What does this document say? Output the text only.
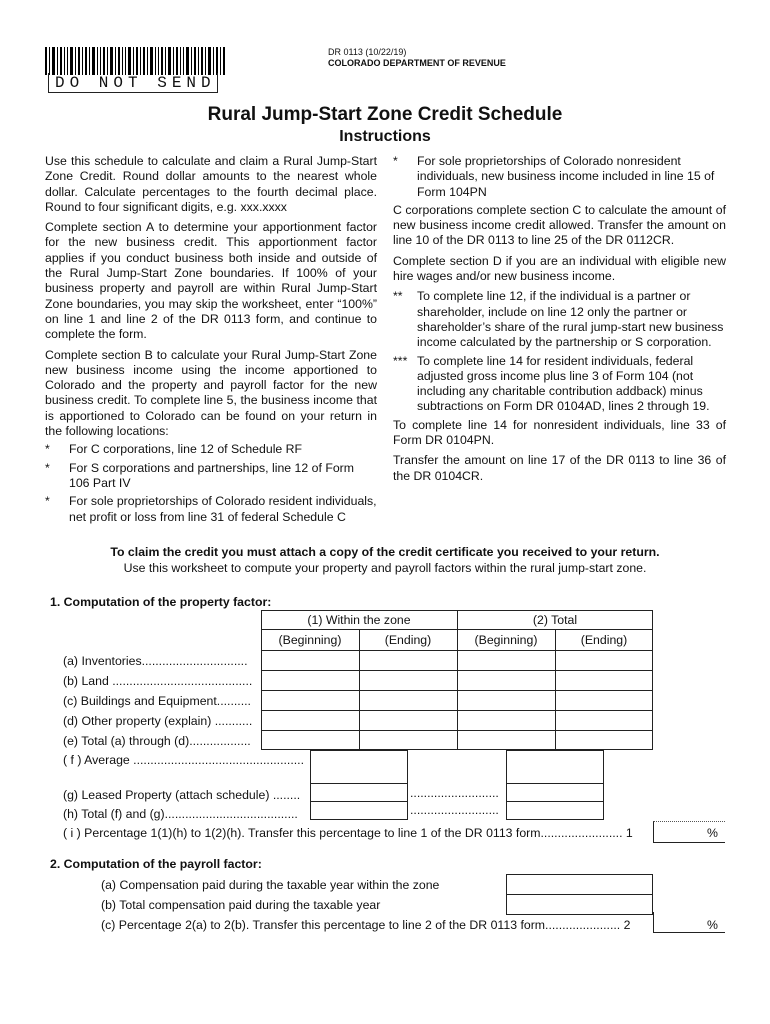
DO NOT SEND
DR 0113 (10/22/19)
COLORADO DEPARTMENT OF REVENUE
Rural Jump-Start Zone Credit Schedule
Instructions

Use this schedule to calculate and claim a Rural Jump-Start Zone Credit. Round dollar amounts to the nearest whole dollar. Calculate percentages to the fourth decimal place. Round to four significant digits, e.g. xxx.xxxx

Complete section A to determine your apportionment factor for the new business credit. This apportionment factor applies if you conduct business both inside and outside of the Rural Jump-Start Zone boundaries. If 100% of your business property and payroll are within Rural Jump-Start Zone boundaries, you may skip the worksheet, enter “100%” on line 1 and line 2 of the DR 0113 form, and continue to complete the form.

Complete section B to calculate your Rural Jump-Start Zone new business income using the income apportioned to Colorado and the property and payroll factor for the new business credit. To complete line 5, the business income that is apportioned to Colorado can be found on your return in the following locations:

*	For C corporations, line 12 of Schedule RF
*	For S corporations and partnerships, line 12 of Form 106 Part IV
*	For sole proprietorships of Colorado resident individuals, net profit or loss from line 31 of federal Schedule C
*	For sole proprietorships of Colorado nonresident individuals, new business income included in line 15 of Form 104PN

C corporations complete section C to calculate the amount of new business income credit allowed. Transfer the amount on line 10 of the DR 0113 to line 25 of the DR 0112CR.

Complete section D if you are an individual with eligible new hire wages and/or new business income.

**	To complete line 12, if the individual is a partner or shareholder, include on line 12 only the partner or shareholder’s share of the rural jump-start new business income calculated by the partnership or S corporation.
*** To complete line 14 for resident individuals, federal adjusted gross income plus line 3 of Form 104 (not including any charitable contribution addback) minus subtractions on Form DR 0104AD, lines 2 through 19.

To complete line 14 for nonresident individuals, line 33 of Form DR 0104PN.

Transfer the amount on line 17 of the DR 0113 to line 36 of the DR 0104CR.

To claim the credit you must attach a copy of the credit certificate you received to your return.
Use this worksheet to compute your property and payroll factors within the rural jump-start zone.
1. Computation of the property factor:
(1) Within the zone	(2) Total
(Beginning)	(Ending)	(Beginning)	(Ending)
(a) Inventories...............................
(b) Land .........................................
(c) Buildings and Equipment..........
(d) Other property (explain) ...........
(e) Total (a) through (d)..................
( f ) Average ..................................................
(g) Leased Property (attach schedule) ........	..........................
(h) Total (f) and (g).......................................	..........................
( i ) Percentage 1(1)(h) to 1(2)(h). Transfer this percentage to line 1 of the DR 0113 form........................ 1	%
2. Computation of the payroll factor:
(a) Compensation paid during the taxable year within the zone
(b) Total compensation paid during the taxable year
(c) Percentage 2(a) to 2(b). Transfer this percentage to line 2 of the DR 0113 form...................... 2	%
